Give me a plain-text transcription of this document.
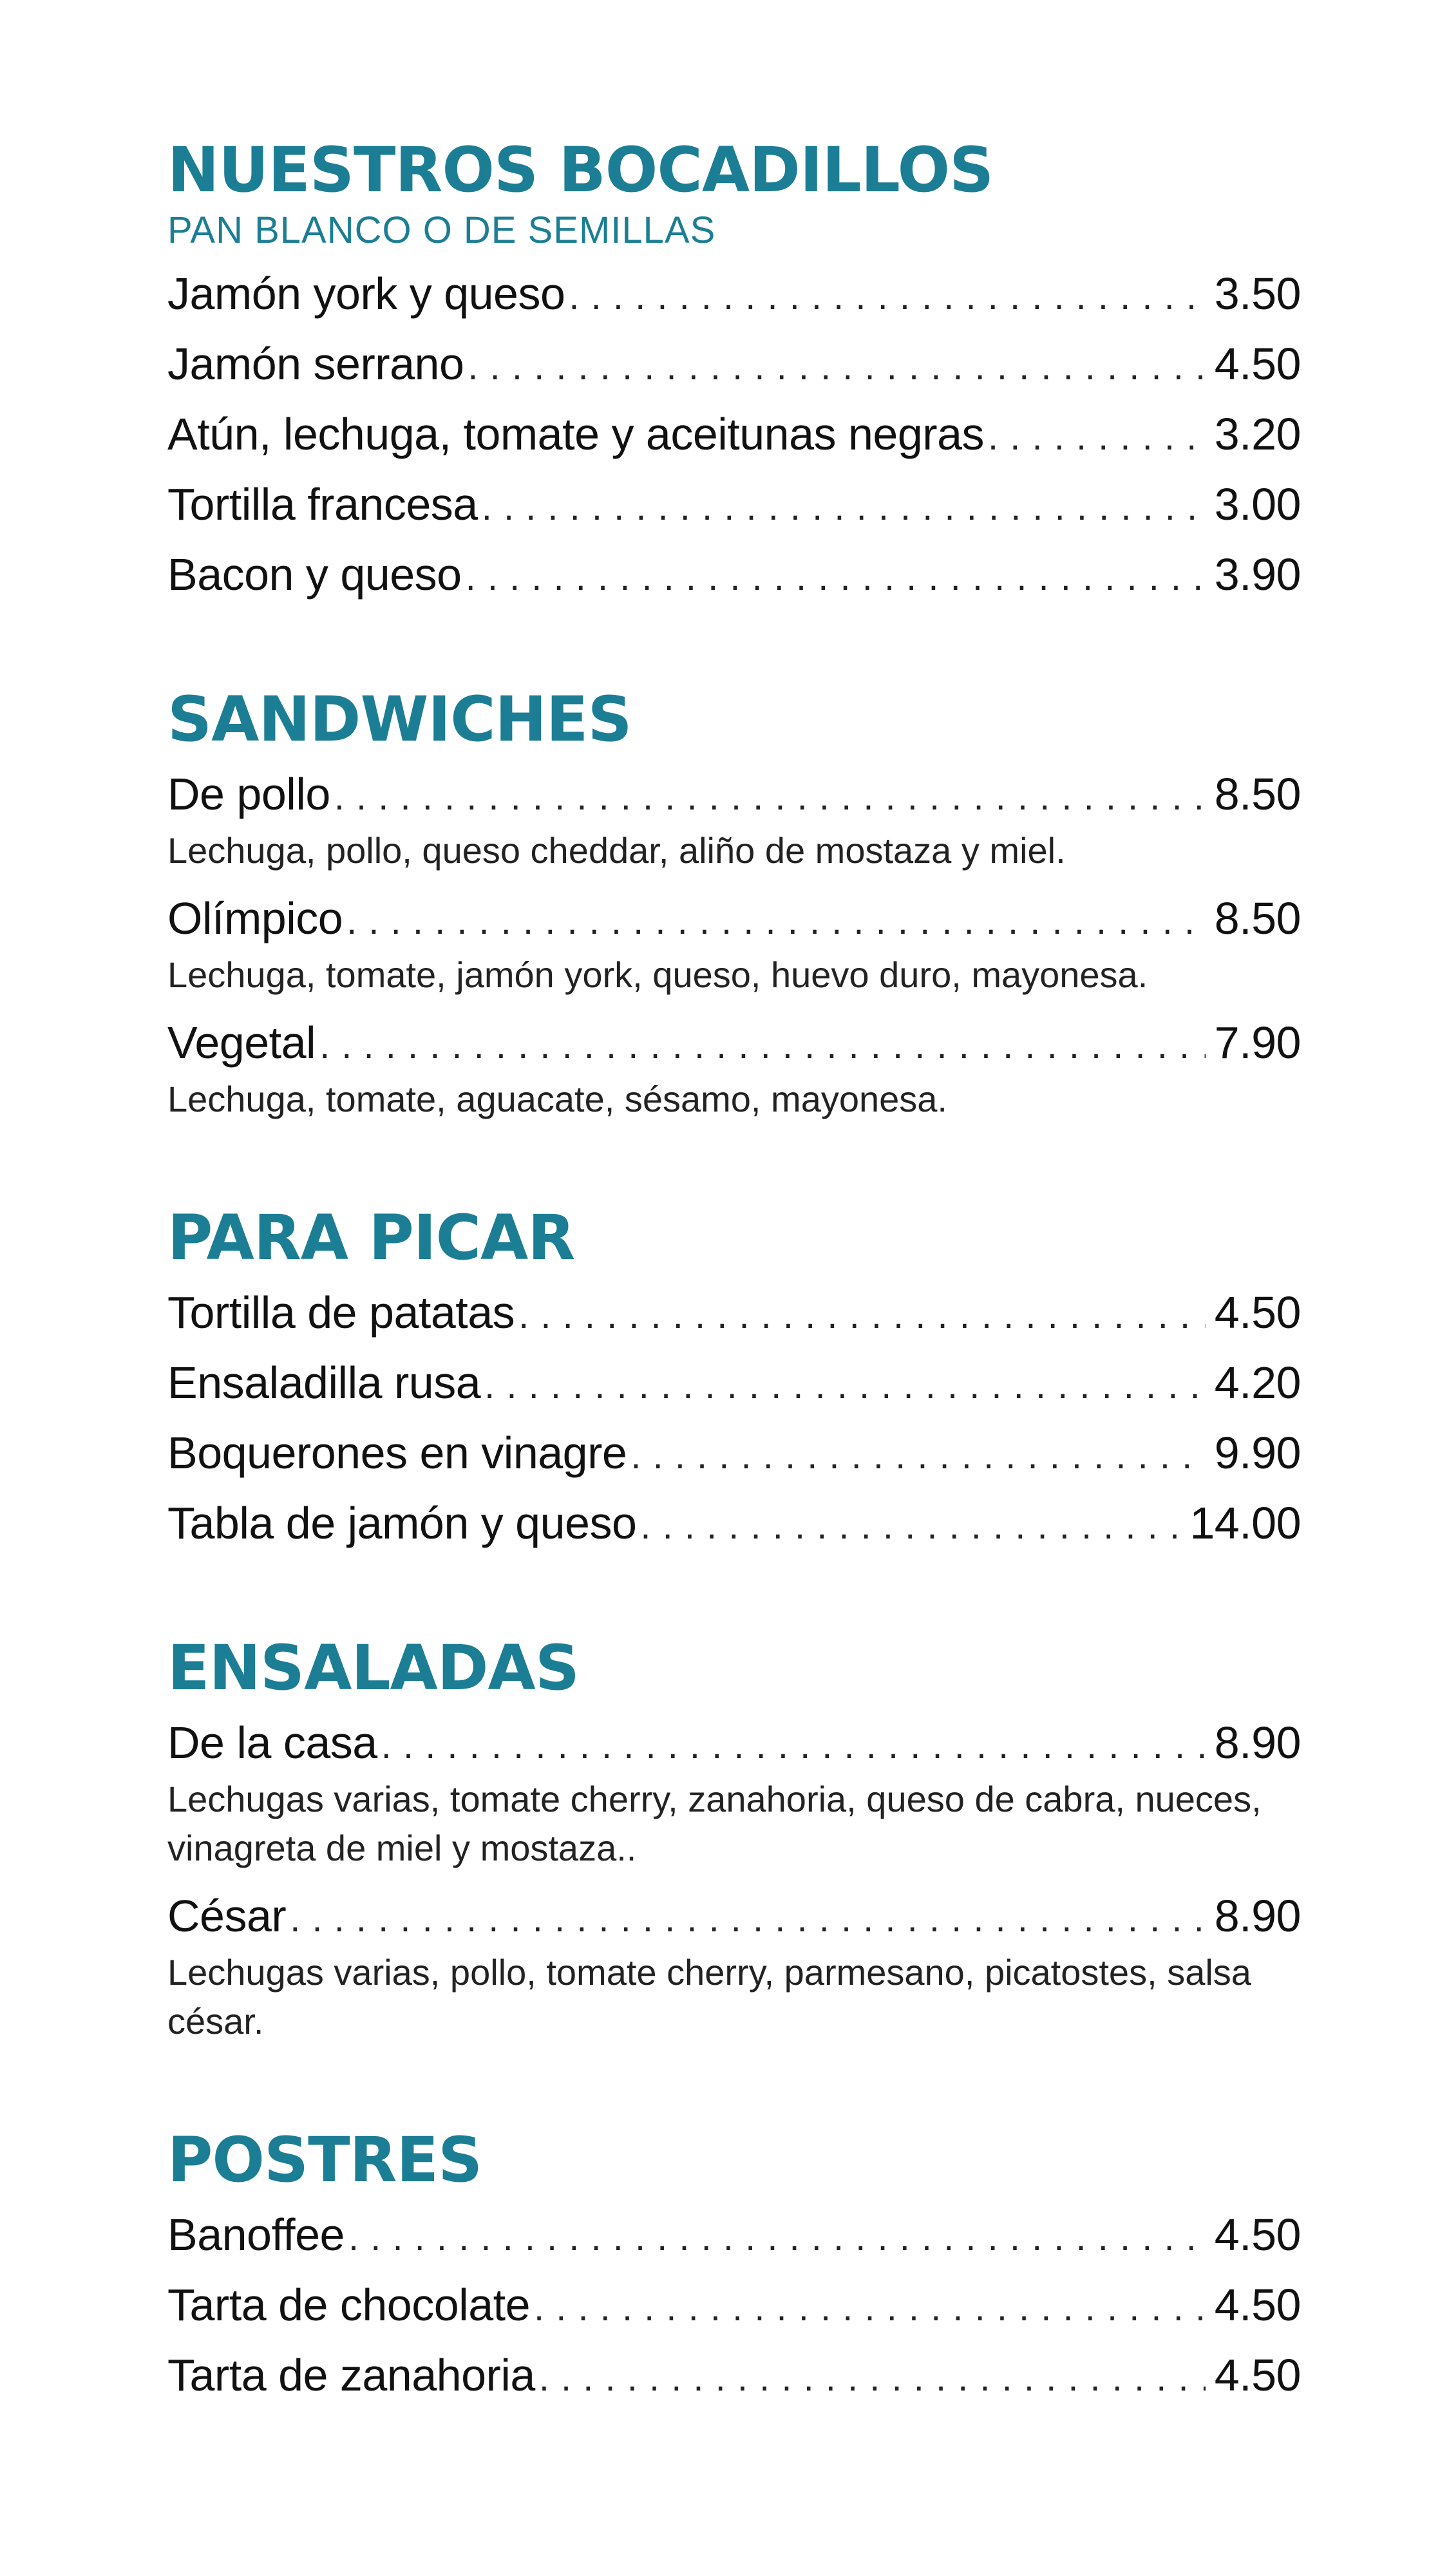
NUESTROS BOCADILLOS
PAN BLANCO O DE SEMILLAS
Jamón york y queso . . .	3.50
Jamón serrano . . .	4.50
Atún, lechuga, tomate y aceitunas negras . . .	3.20
Tortilla francesa . . .	3.00
Bacon y queso . . .	3.90
SANDWICHES
De pollo . . .	8.50
Lechuga, pollo, queso cheddar, aliño de mostaza y miel.
Olímpico . . .	8.50
Lechuga, tomate, jamón york, queso, huevo duro, mayonesa.
Vegetal . . .	7.90
Lechuga, tomate, aguacate, sésamo, mayonesa.
PARA PICAR
Tortilla de patatas . . .	4.50
Ensaladilla rusa . . .	4.20
Boquerones en vinagre . . .	9.90
Tabla de jamón y queso . . .	14.00
ENSALADAS
De la casa . . .	8.90
Lechugas varias, tomate cherry, zanahoria, queso de cabra, nueces, vinagreta de miel y mostaza..
César . . .	8.90
Lechugas varias, pollo, tomate cherry, parmesano, picatostes, salsa césar.
POSTRES
Banoffee . . .	4.50
Tarta de chocolate . . .	4.50
Tarta de zanahoria . . .	4.50
